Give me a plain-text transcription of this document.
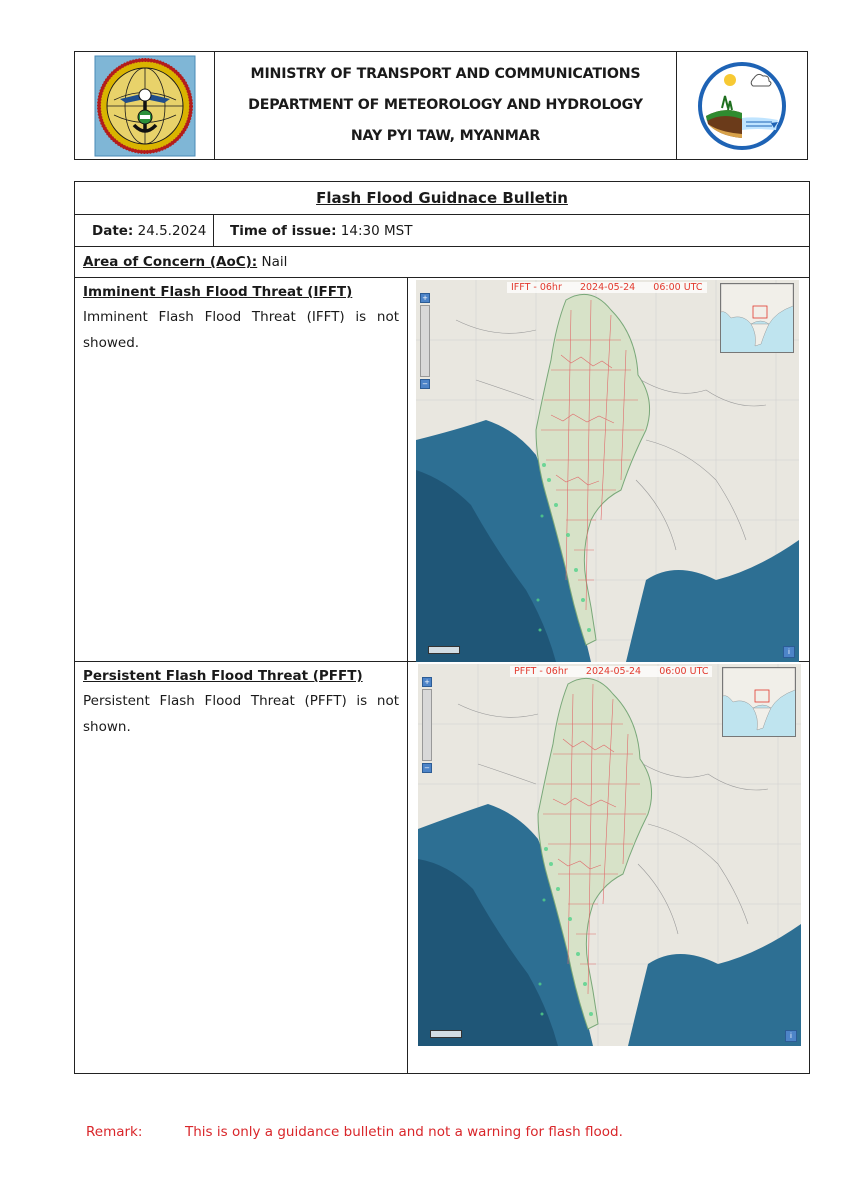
MINISTRY OF TRANSPORT AND COMMUNICATIONS
DEPARTMENT OF METEOROLOGY AND HYDROLOGY
NAY PYI TAW, MYANMAR
Flash Flood Guidnace Bulletin
Date:
24.5.2024 Time of issue:
14:30 MST
Area of Concern (AoC):
Nail
Imminent Flash Flood Threat (IFFT)
Imminent Flash Flood Threat (IFFT) is not showed.
IFFT - 06hr      2024-05-24      06:00 UTC
+
−
i
Persistent Flash Flood Threat (PFFT)
Persistent Flash Flood Threat (PFFT) is not shown.
PFFT - 06hr      2024-05-24      06:00 UTC
+
−
i
Remark:	This is only a guidance bulletin and not a warning for flash flood.
